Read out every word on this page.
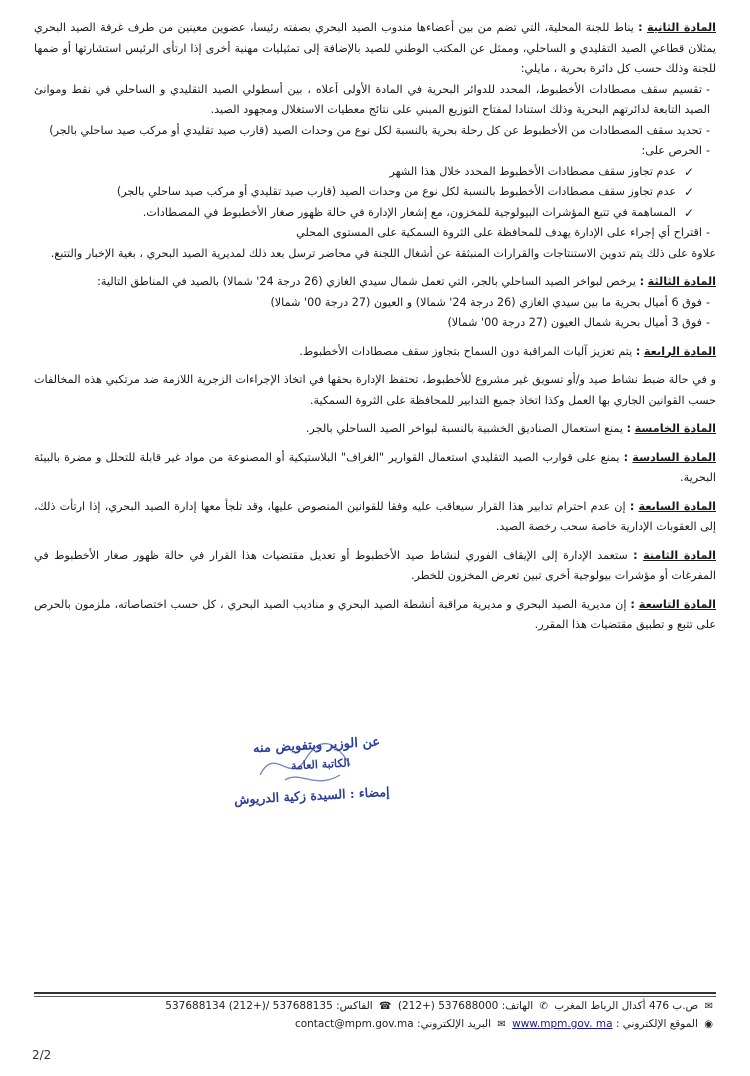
المادة الثانية : يناط للجنة المحلية، التي تضم من بين أعضاءها مندوب الصيد البحري بصفته رئيسا، عضوين معينين من طرف غرفة الصيد البحري يمثلان قطاعي الصيد التقليدي و الساحلي، وممثل عن المكتب الوطني للصيد بالإضافة إلى تمثيليات مهنية أخرى إذا ارتأى الرئيس استشارتها أو ضمها للجنة وذلك حسب كل دائرة بحرية ، مايلي:

-تقسيم سقف مصطادات الأخطبوط، المحدد للدوائر البحرية في المادة الأولى أعلاه ، بين أسطولي الصيد التقليدي و الساحلي في نقط وموانئ الصيد التابعة لدائرتهم البحرية وذلك استنادا لمفتاح التوزيع المبني على نتائج معطيات الاستغلال ومجهود الصيد.

-تحديد سقف المصطادات من الأخطبوط عن كل رحلة بحرية بالنسبة لكل نوع من وحدات الصيد (قارب صيد تقليدي أو مركب صيد ساحلي بالجر)

-الحرص على:

✓
عدم تجاوز سقف مصطادات الأخطبوط المحدد خلال هذا الشهر

✓
عدم تجاوز سقف مصطادات الأخطبوط بالنسبة لكل نوع من وحدات الصيد (قارب صيد تقليدي أو مركب صيد ساحلي بالجر)

✓
المساهمة في تتبع المؤشرات البيولوجية للمخزون، مع إشعار الإدارة في حالة ظهور صغار الأخطبوط في المصطادات.

-اقتراح أي إجراء على الإدارة يهدف للمحافظة على الثروة السمكية على المستوى المحلي

علاوة على ذلك يتم تدوين الاستنتاجات والقرارات المنبثقة عن أشغال اللجنة في محاضر ترسل بعد ذلك لمديرية الصيد البحري ، بغية الإخبار والتتبع.

المادة الثالثة : يرخص لبواخر الصيد الساحلي بالجر، التي تعمل شمال سيدي الغازي (26 درجة 24' شمالا) بالصيد في المناطق التالية:

-فوق 6 أميال بحرية ما بين سيدي الغازي (26 درجة 24' شمالا) و العيون (27 درجة 00' شمالا)

-فوق 3 أميال بحرية شمال العيون (27 درجة 00' شمالا)

المادة الرابعة : يتم تعزيز آليات المراقبة دون السماح بتجاوز سقف مصطادات الأخطبوط.

و في حالة ضبط نشاط صيد و/أو تسويق غير مشروع للأخطبوط، تحتفظ الإدارة بحقها في اتخاذ الإجراءات الزجرية اللازمة ضد مرتكبي هذه المخالفات حسب القوانين الجاري بها العمل وكذا اتخاذ جميع التدابير للمحافظة على الثروة السمكية.

المادة الخامسة : يمنع استعمال الصناديق الخشبية بالنسبة لبواخر الصيد الساحلي بالجر.

المادة السادسة : يمنع على قوارب الصيد التقليدي استعمال القوارير "الغراف" البلاستيكية أو المصنوعة من مواد غير قابلة للتحلل و مضرة بالبيئة البحرية.

المادة السابعة : إن عدم احترام تدابير هذا القرار سيعاقب عليه وفقا للقوانين المنصوص عليها، وقد تلجأ معها إدارة الصيد البحري، إذا ارتأت ذلك، إلى العقوبات الإدارية خاصة سحب رخصة الصيد.

المادة الثامنة : ستعمد الإدارة إلى الإيقاف الفوري لنشاط صيد الأخطبوط أو تعديل مقتضيات هذا القرار في حالة ظهور صغار الأخطبوط في المفرغات أو مؤشرات بيولوجية أخرى تبين تعرض المخزون للخطر.

المادة التاسعة : إن مديرية الصيد البحري و مديرية مراقبة أنشطة الصيد البحري و مناديب الصيد البحري ، كل حسب اختصاصاته، ملزمون بالحرص على تتبع و تطبيق مقتضيات هذا المقرر.

عن الوزير وبتفويض منه
الكاتبة العامة
إمضاء : السيدة زكية الدريوش
✉ ص.ب 476 أكدال الرباط المغرب ✆ الهاتف: (212+) 537688000 ☎ الفاكس: 537688134 (212+)/ 537688135
◉ الموقع الإلكتروني : www.mpm.gov. ma ✉ البريد الإلكتروني: contact@mpm.gov.ma
2/2
